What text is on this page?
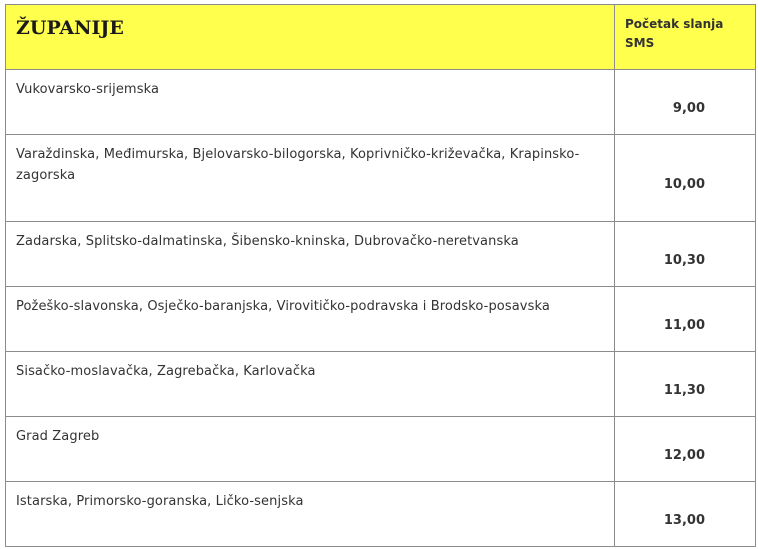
ŽUPANIJE	Početak slanja SMS
Vukovarsko-srijemska	9,00
Varaždinska, Međimurska, Bjelovarsko-bilogorska, Koprivničko-križevačka, Krapinsko-zagorska	10,00
Zadarska, Splitsko-dalmatinska, Šibensko-kninska, Dubrovačko-neretvanska	10,30
Požeško-slavonska, Osječko-baranjska, Virovitičko-podravska i Brodsko-posavska	11,00
Sisačko-moslavačka, Zagrebačka, Karlovačka	11,30
Grad Zagreb	12,00
Istarska, Primorsko-goranska, Ličko-senjska	13,00
